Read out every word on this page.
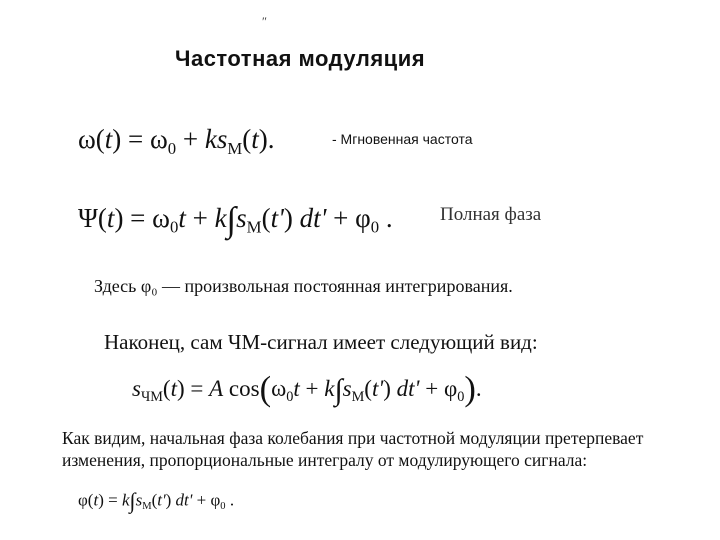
″
Частотная модуляция
$\omega(t) = \omega_0 + ks_М(t)$.	- Мгновенная частота
$\Psi(t) = \omega_0t + k\int s_М(t') dt' + \varphi_0$ . Полная фаза
Здесь φ₀ — произвольная постоянная интегрирования.
Наконец, сам ЧМ-сигнал имеет следующий вид:
$s_{ЧМ}(t) = A$ $\cos(\omega_0t + k\int s_М(t') dt' + \varphi_0)$.
Как видим, начальная фаза колебания при частотной модуляции претерпевает
изменения, пропорциональные интегралу от модулирующего сигнала:
$\varphi(t) = k\int s_М(t') dt' + \varphi_0$ .
